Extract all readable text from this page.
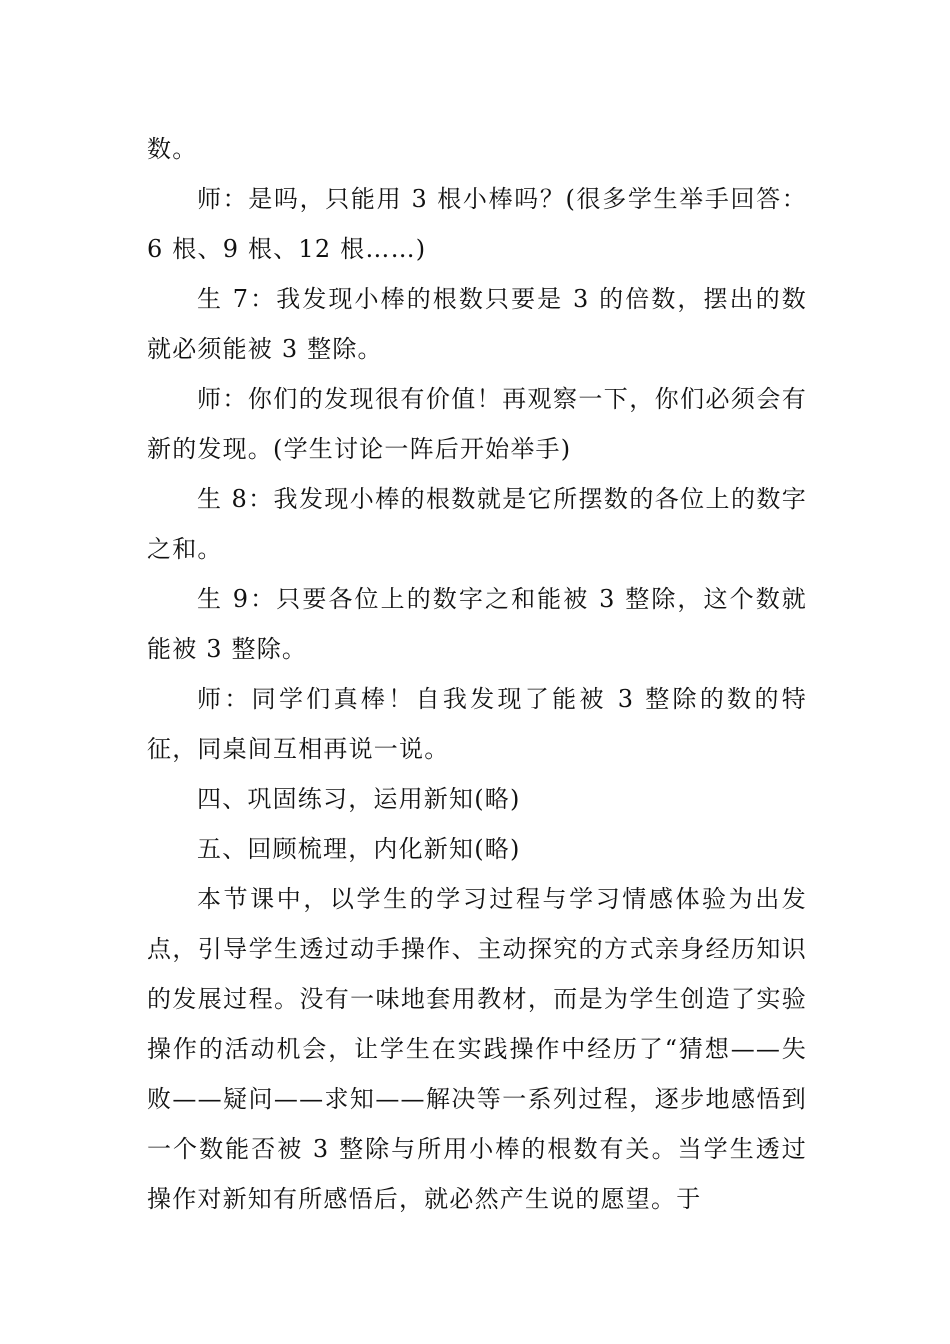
数。

师：是吗，只能用 3 根小棒吗？(很多学生举手回答：6 根、9 根、12 根……)

生 7：我发现小棒的根数只要是 3 的倍数，摆出的数就必须能被 3 整除。

师：你们的发现很有价值！再观察一下，你们必须会有新的发现。(学生讨论一阵后开始举手)

生 8：我发现小棒的根数就是它所摆数的各位上的数字之和。

生 9：只要各位上的数字之和能被 3 整除，这个数就能被 3 整除。

师：同学们真棒！自我发现了能被 3 整除的数的特征，同桌间互相再说一说。

四、巩固练习，运用新知(略)

五、回顾梳理，内化新知(略)

本节课中，以学生的学习过程与学习情感体验为出发点，引导学生透过动手操作、主动探究的方式亲身经历知识的发展过程。没有一味地套用教材，而是为学生创造了实验操作的活动机会，让学生在实践操作中经历了“猜想——失败——疑问——求知——解决等一系列过程，逐步地感悟到一个数能否被 3 整除与所用小棒的根数有关。当学生透过操作对新知有所感悟后，就必然产生说的愿望。于
